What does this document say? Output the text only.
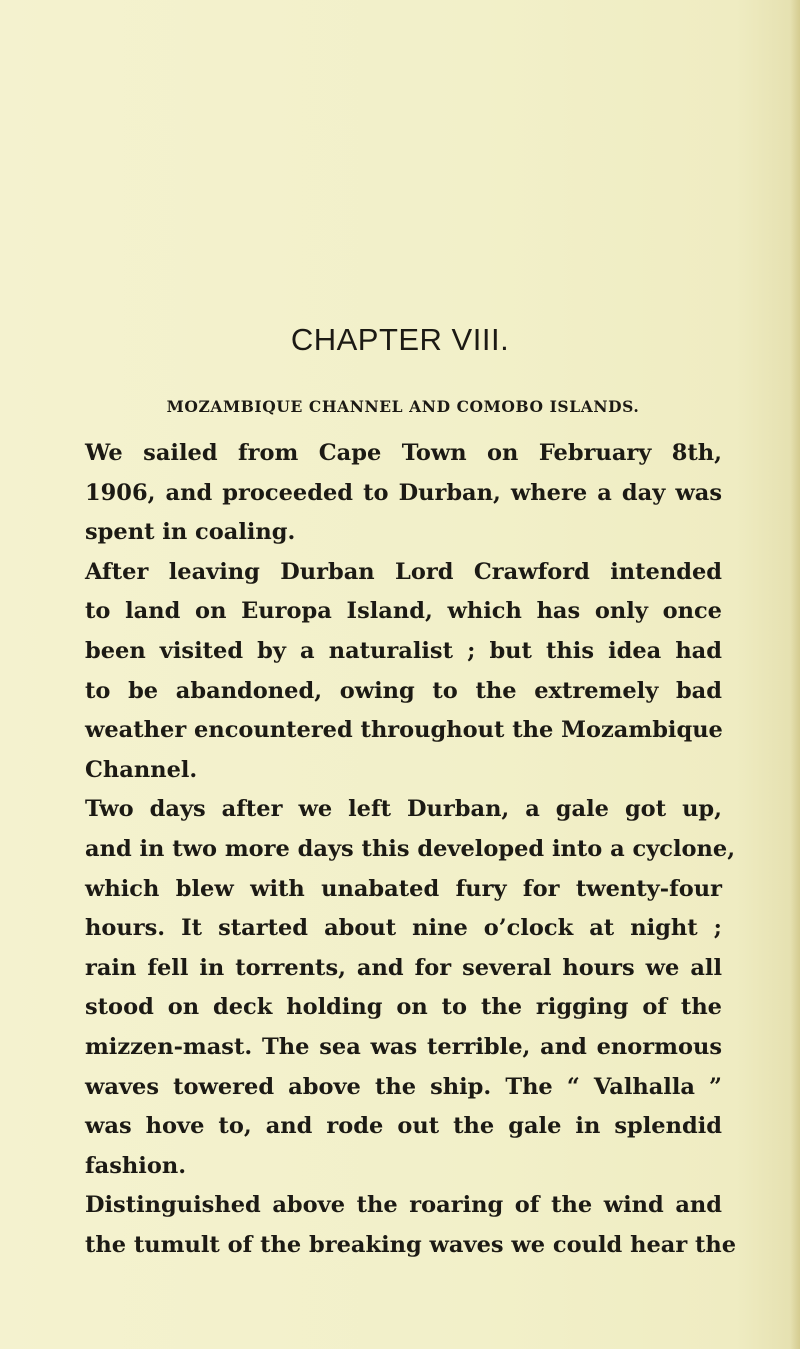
CHAPTER VIII.
MOZAMBIQUE CHANNEL AND COMOBO ISLANDS.
We sailed from Cape Town on February 8th,
1906, and proceeded to Durban, where a day was
spent in coaling.
After leaving Durban Lord Crawford intended
to land on Europa Island, which has only once
been visited by a naturalist ; but this idea had
to be abandoned, owing to the extremely bad
weather encountered throughout the Mozambique
Channel.
Two days after we left Durban, a gale got up,
and in two more days this developed into a cyclone,
which blew with unabated fury for twenty-four
hours. It started about nine o’clock at night ;
rain fell in torrents, and for several hours we all
stood on deck holding on to the rigging of the
mizzen-mast. The sea was terrible, and enormous
waves towered above the ship. The “ Valhalla ”
was hove to, and rode out the gale in splendid
fashion.
Distinguished above the roaring of the wind and
the tumult of the breaking waves we could hear the
